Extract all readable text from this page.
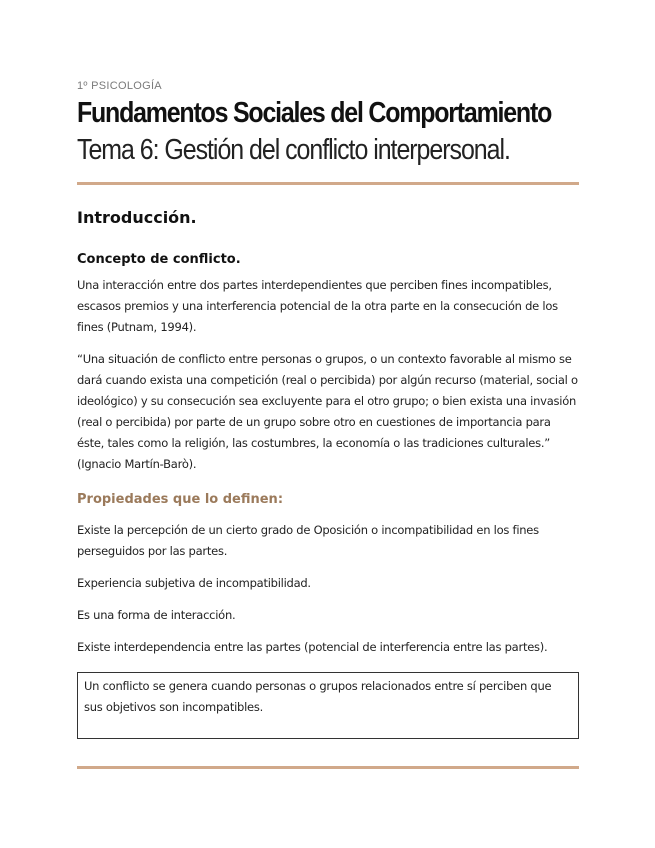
1º PSICOLOGÍA
Fundamentos Sociales del Comportamiento
Tema 6: Gestión del conflicto interpersonal.
Introducción.
Concepto de conflicto.

Una interacción entre dos partes interdependientes que perciben fines incompatibles, escasos premios y una interferencia potencial de la otra parte en la consecución de los fines (Putnam, 1994).

“Una situación de conflicto entre personas o grupos, o un contexto favorable al mismo se dará cuando exista una competición (real o percibida) por algún recurso (material, social o ideológico) y su consecución sea excluyente para el otro grupo; o bien exista una invasión (real o percibida) por parte de un grupo sobre otro en cuestiones de importancia para éste, tales como la religión, las costumbres, la economía o las tradiciones culturales.” (Ignacio Martín-Barò).

Propiedades que lo definen:

Existe la percepción de un cierto grado de Oposición o incompatibilidad en los fines perseguidos por las partes.

Experiencia subjetiva de incompatibilidad.

Es una forma de interacción.

Existe interdependencia entre las partes (potencial de interferencia entre las partes).

Un conflicto se genera cuando personas o grupos relacionados entre sí perciben que sus objetivos son incompatibles.
